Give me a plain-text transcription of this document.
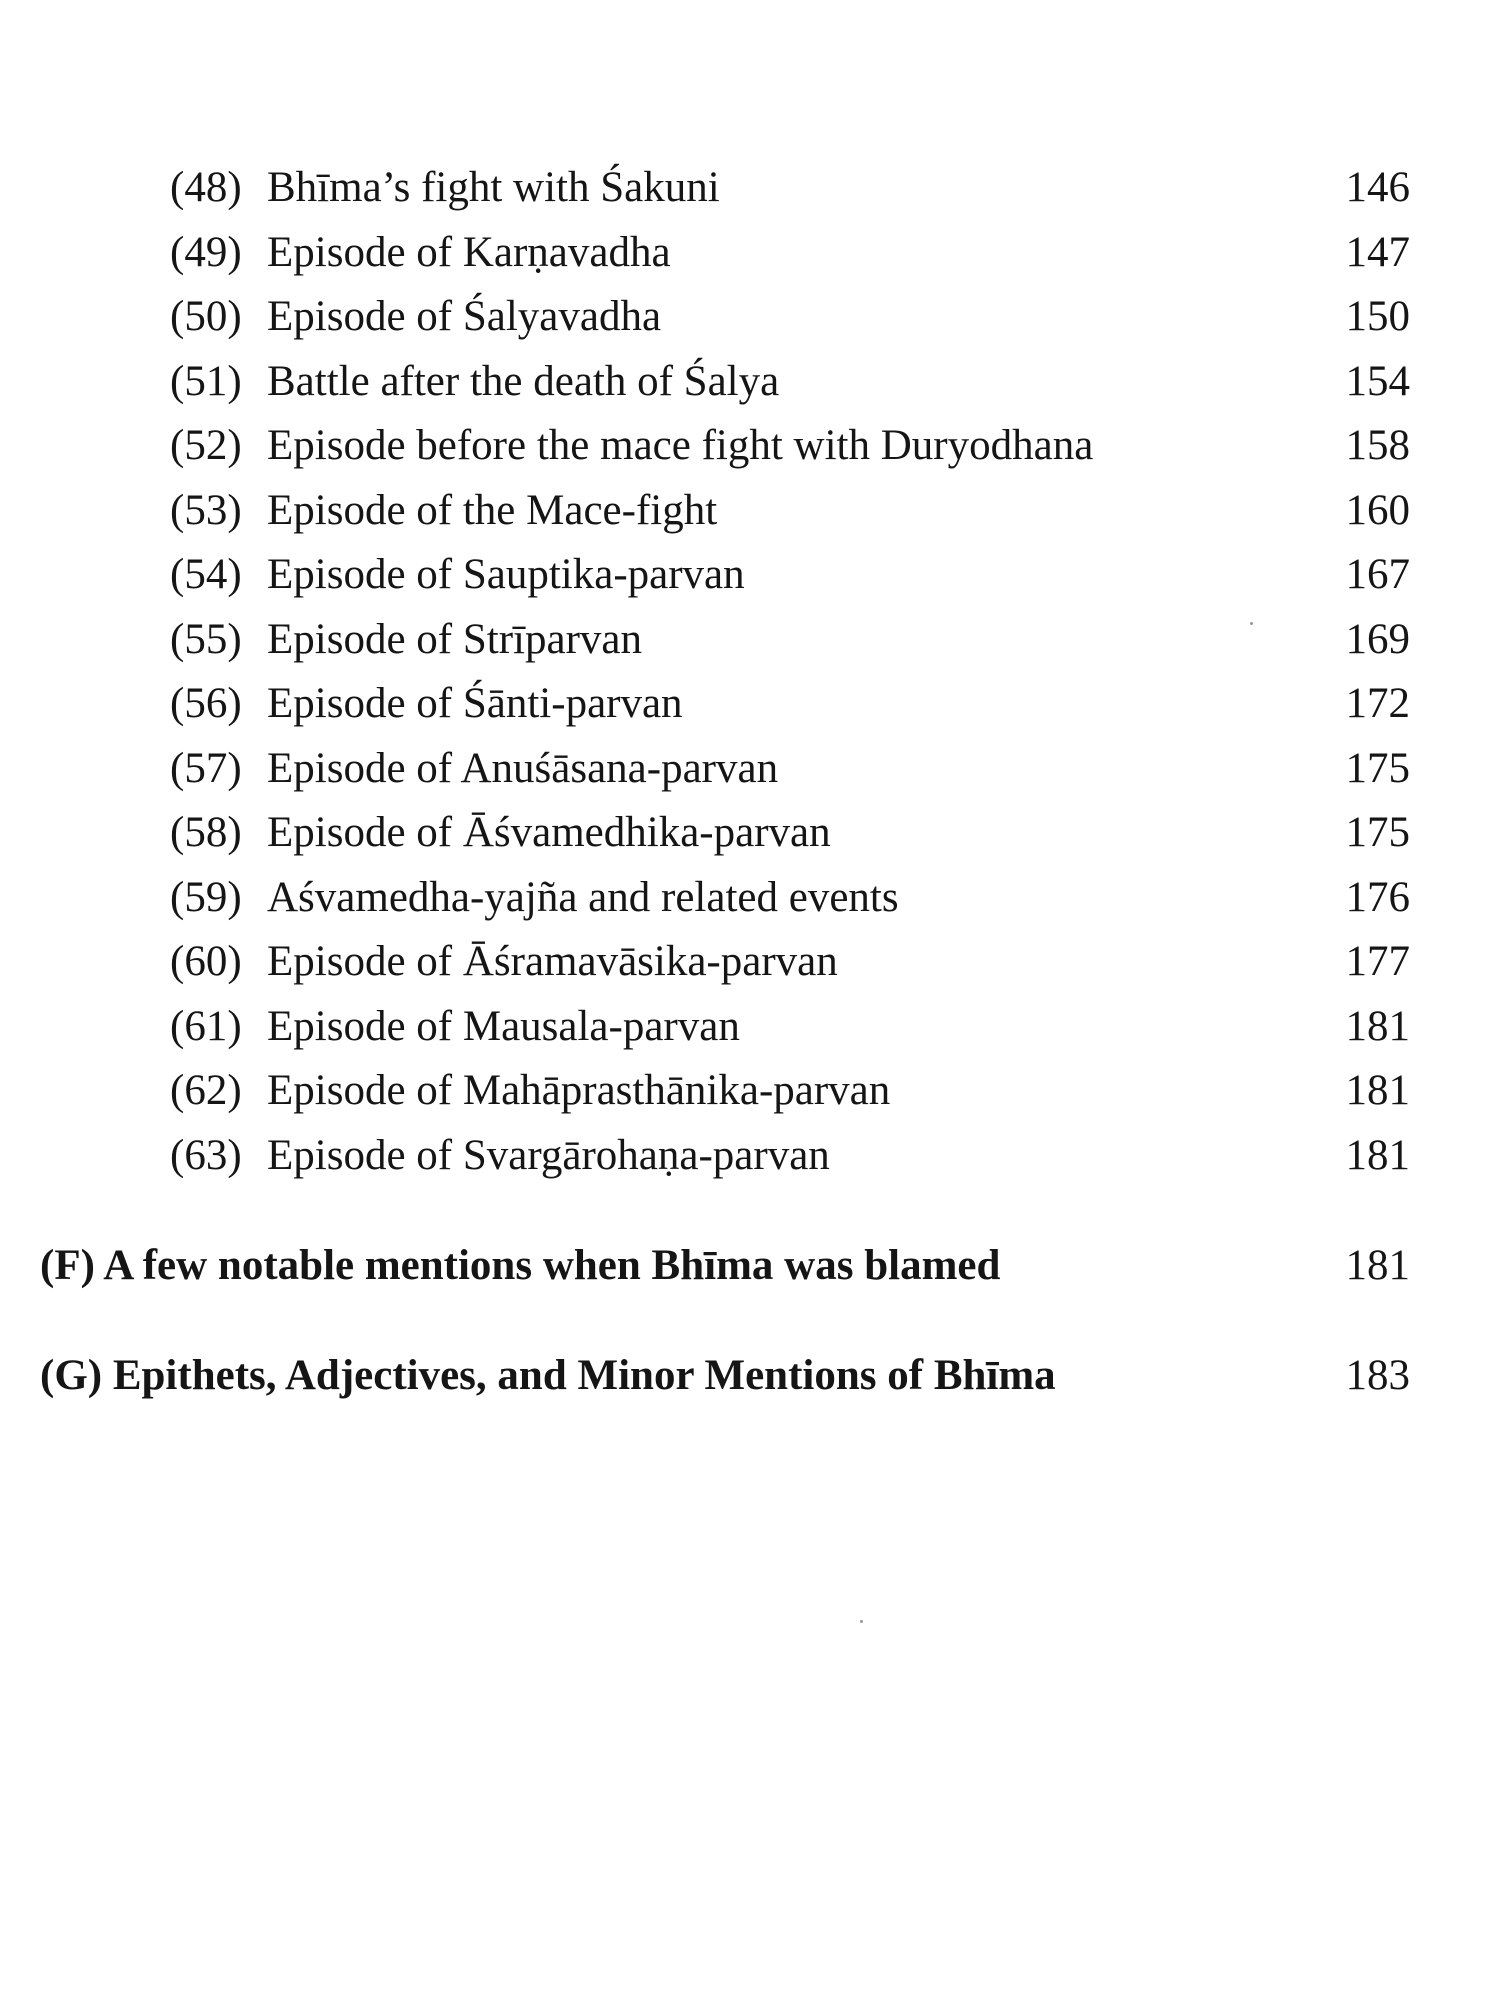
(48) Bhīma’s fight with Śakuni	146
(49) Episode of Karṇavadha	147
(50) Episode of Śalyavadha	150
(51) Battle after the death of Śalya	154
(52) Episode before the mace fight with Duryodhana	158
(53) Episode of the Mace-fight	160
(54) Episode of Sauptika-parvan	167
(55) Episode of Strīparvan	169
(56) Episode of Śānti-parvan	172
(57) Episode of Anuśāsana-parvan	175
(58) Episode of Āśvamedhika-parvan	175
(59) Aśvamedha-yajña and related events	176
(60) Episode of Āśramavāsika-parvan	177
(61) Episode of Mausala-parvan	181
(62) Episode of Mahāprasthānika-parvan	181
(63) Episode of Svargārohaṇa-parvan	181
(F) A few notable mentions when Bhīma was blamed	181
(G) Epithets, Adjectives, and Minor Mentions of Bhīma	183
